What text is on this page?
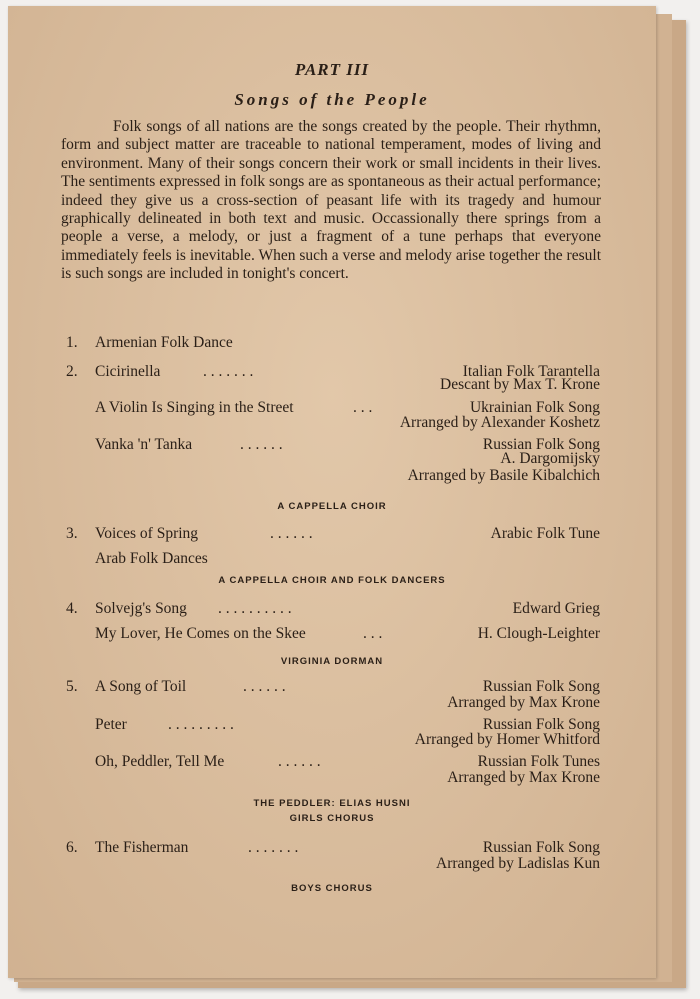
PART III
Songs of the People

Folk songs of all nations are the songs created by the people. Their rhythmn, form and subject matter are traceable to national temperament, modes of living and environment. Many of their songs concern their work or small incidents in their lives. The sentiments expressed in folk songs are as spontaneous as their actual performance; indeed they give us a cross-section of peasant life with its tragedy and humour graphically delineated in both text and music. Occassionally there springs from a people a verse, a melody, or just a fragment of a tune perhaps that everyone immediately feels is inevitable. When such a verse and melody arise together the result is such songs are included in tonight's concert.

1. Armenian Folk Dance
2. Cicirinella	. . . . . . .	Italian Folk Tarantella
Descant by Max T. Krone
A Violin Is Singing in the Street	. . .	Ukrainian Folk Song
Arranged by Alexander Koshetz
Vanka 'n' Tanka	. . . . . .	Russian Folk Song
A. Dargomijsky
Arranged by Basile Kibalchich
A CAPPELLA CHOIR
3. Voices of Spring	. . . . . .	Arabic Folk Tune
Arab Folk Dances
A CAPPELLA CHOIR AND FOLK DANCERS
4. Solvejg's Song . . . . . . . . . .	Edward Grieg
My Lover, He Comes on the Skee	. . .	H. Clough-Leighter
VIRGINIA DORMAN
5. A Song of Toil	. . . . . .	Russian Folk Song
Arranged by Max Krone
Peter	. . . . . . . . .	Russian Folk Song
Arranged by Homer Whitford
Oh, Peddler, Tell Me	. . . . . .	Russian Folk Tunes
Arranged by Max Krone
THE PEDDLER: ELIAS HUSNI
GIRLS CHORUS
6. The Fisherman	. . . . . . .	Russian Folk Song
Arranged by Ladislas Kun
BOYS CHORUS
